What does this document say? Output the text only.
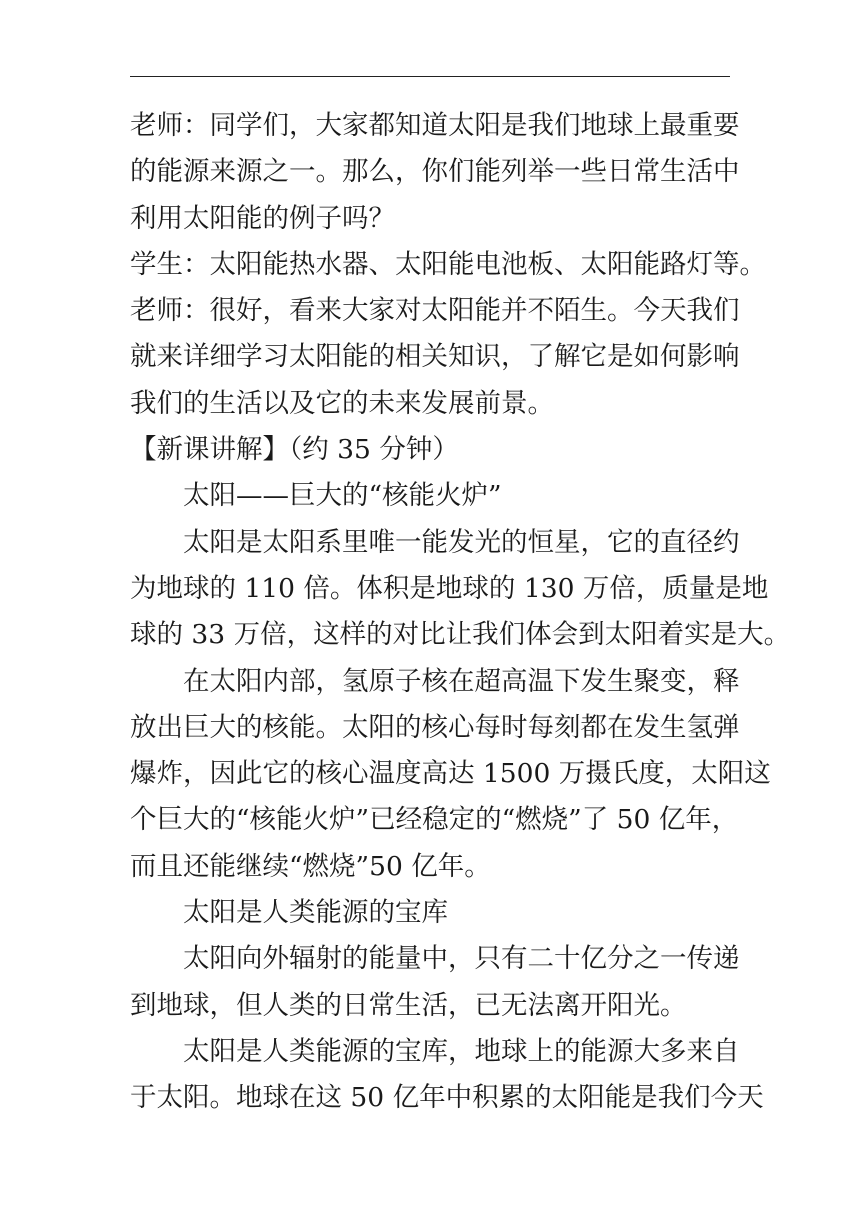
老师：同学们，大家都知道太阳是我们地球上最重要
的能源来源之一。那么，你们能列举一些日常生活中
利用太阳能的例子吗？
学生：太阳能热水器、太阳能电池板、太阳能路灯等。
老师：很好，看来大家对太阳能并不陌生。今天我们
就来详细学习太阳能的相关知识，了解它是如何影响
我们的生活以及它的未来发展前景。
【新课讲解】（约 35 分钟）
太阳——巨大的“核能火炉”
太阳是太阳系里唯一能发光的恒星，它的直径约
为地球的 110 倍。体积是地球的 130 万倍，质量是地
球的 33 万倍，这样的对比让我们体会到太阳着实是大。
在太阳内部，氢原子核在超高温下发生聚变，释
放出巨大的核能。太阳的核心每时每刻都在发生氢弹
爆炸，因此它的核心温度高达 1500 万摄氏度，太阳这
个巨大的“核能火炉”已经稳定的“燃烧”了 50 亿年，
而且还能继续“燃烧”50 亿年。
太阳是人类能源的宝库
太阳向外辐射的能量中，只有二十亿分之一传递
到地球，但人类的日常生活，已无法离开阳光。
太阳是人类能源的宝库，地球上的能源大多来自
于太阳。地球在这 50 亿年中积累的太阳能是我们今天
